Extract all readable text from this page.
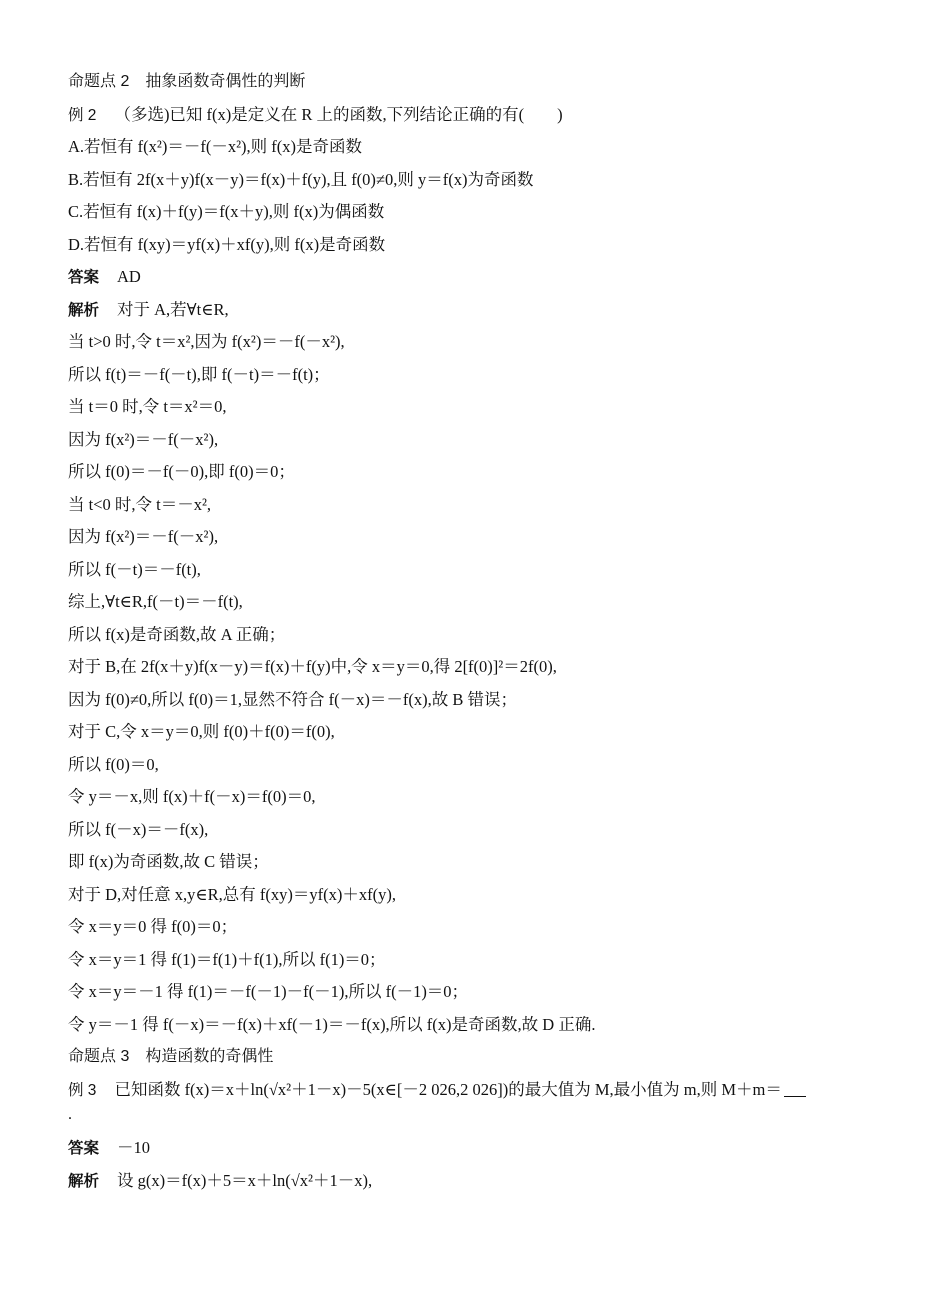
命题点 2　抽象函数奇偶性的判断
例 2 （多选)已知 f(x)是定义在 R 上的函数,下列结论正确的有(　　)
A.若恒有 f(x²)＝－f(－x²),则 f(x)是奇函数
B.若恒有 2f(x＋y)f(x－y)＝f(x)＋f(y),且 f(0)≠0,则 y＝f(x)为奇函数
C.若恒有 f(x)＋f(y)＝f(x＋y),则 f(x)为偶函数
D.若恒有 f(xy)＝yf(x)＋xf(y),则 f(x)是奇函数
答案 AD
解析 对于 A,若∀t∈R,
当 t>0 时,令 t＝x²,因为 f(x²)＝－f(－x²),
所以 f(t)＝－f(－t),即 f(－t)＝－f(t)；
当 t＝0 时,令 t＝x²＝0,
因为 f(x²)＝－f(－x²),
所以 f(0)＝－f(－0),即 f(0)＝0；
当 t<0 时,令 t＝－x²,
因为 f(x²)＝－f(－x²),
所以 f(－t)＝－f(t),
综上,∀t∈R,f(－t)＝－f(t),
所以 f(x)是奇函数,故 A 正确；
对于 B,在 2f(x＋y)f(x－y)＝f(x)＋f(y)中,令 x＝y＝0,得 2[f(0)]²＝2f(0),
因为 f(0)≠0,所以 f(0)＝1,显然不符合 f(－x)＝－f(x),故 B 错误；
对于 C,令 x＝y＝0,则 f(0)＋f(0)＝f(0),
所以 f(0)＝0,
令 y＝－x,则 f(x)＋f(－x)＝f(0)＝0,
所以 f(－x)＝－f(x),
即 f(x)为奇函数,故 C 错误；
对于 D,对任意 x,y∈R,总有 f(xy)＝yf(x)＋xf(y),
令 x＝y＝0 得 f(0)＝0；
令 x＝y＝1 得 f(1)＝f(1)＋f(1),所以 f(1)＝0；
令 x＝y＝－1 得 f(1)＝－f(－1)－f(－1),所以 f(－1)＝0；
令 y＝－1 得 f(－x)＝－f(x)＋xf(－1)＝－f(x),所以 f(x)是奇函数,故 D 正确.
命题点 3　构造函数的奇偶性
例 3 已知函数 f(x)＝x＋ln(√x²＋1－x)－5(x∈[－2 026,2 026])的最大值为 M,最小值为 m,则 M＋m＝
.
答案 －10
解析 设 g(x)＝f(x)＋5＝x＋ln(√x²＋1－x),
